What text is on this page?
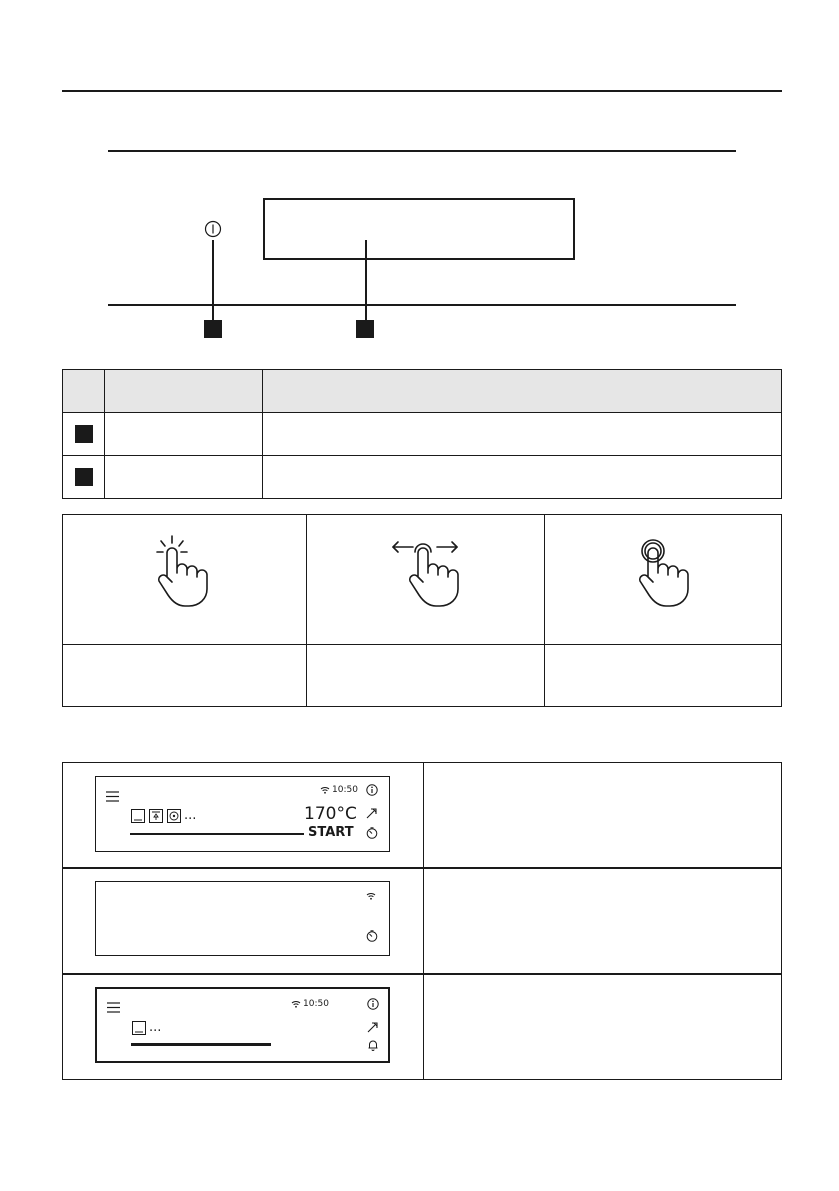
10:50
...	170°C
START
10:50
...
